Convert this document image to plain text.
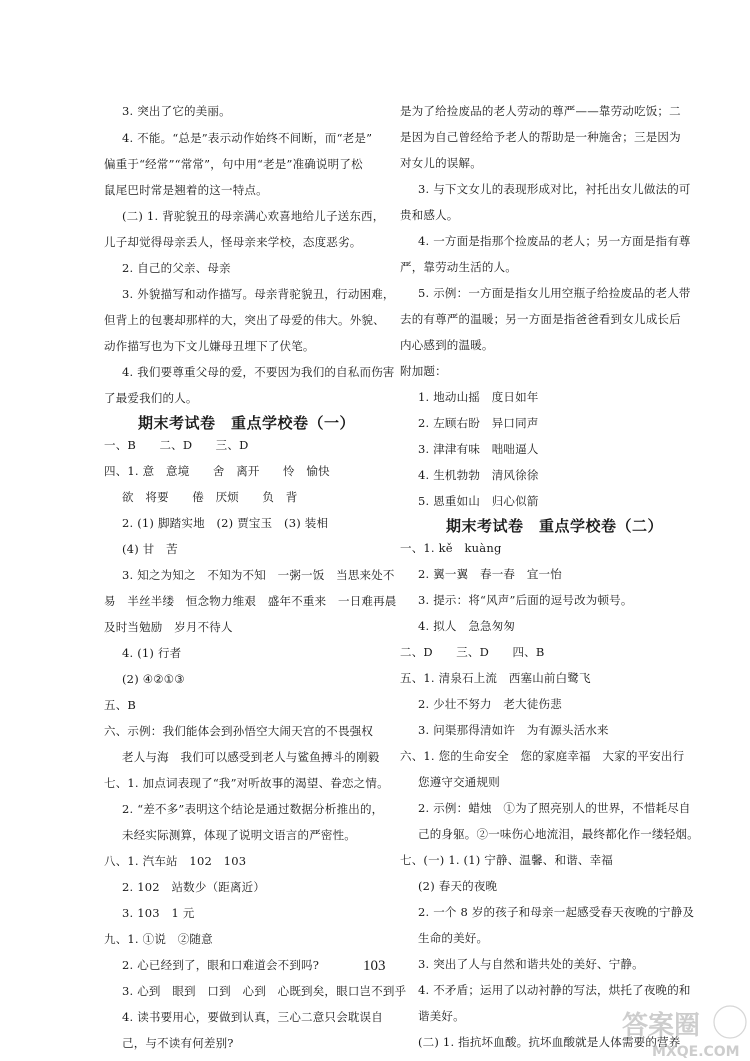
3. 突出了它的美丽。
4. 不能。“总是”表示动作始终不间断，而“老是”
偏重于“经常”“常常”，句中用“老是”准确说明了松
鼠尾巴时常是翘着的这一特点。
(二) 1. 背驼貌丑的母亲满心欢喜地给儿子送东西，
儿子却觉得母亲丢人，怪母亲来学校，态度恶劣。
2. 自己的父亲、母亲
3. 外貌描写和动作描写。母亲背驼貌丑，行动困难，
但背上的包裹却那样的大，突出了母爱的伟大。外貌、
动作描写也为下文儿嫌母丑埋下了伏笔。
4. 我们要尊重父母的爱，不要因为我们的自私而伤害
了最爱我们的人。
一、B　　二、D　　三、D
四、1. 意　意境　　舍　离开　　怜　愉快
欲　将要　　倦　厌烦　　负　背
2. (1) 脚踏实地　(2) 贾宝玉　(3) 装相
(4) 甘　苦
3. 知之为知之　不知为不知　一粥一饭　当思来处不
易　半丝半缕　恒念物力维艰　盛年不重来　一日难再晨
及时当勉励　岁月不待人
4. (1) 行者
(2) ④②①③
五、B
六、示例：我们能体会到孙悟空大闹天宫的不畏强权
老人与海　我们可以感受到老人与鲨鱼搏斗的刚毅
七、1. 加点词表现了“我”对听故事的渴望、眷恋之情。
2. “差不多”表明这个结论是通过数据分析推出的，
未经实际测算，体现了说明文语言的严密性。
八、1. 汽车站　102　103
2. 102　站数少（距离近）
3. 103　1 元
九、1. ①说　②随意
2. 心已经到了，眼和口难道会不到吗?
3. 心到　眼到　口到　心到　心既到矣，眼口岂不到乎
4. 读书要用心，要做到认真，三心二意只会耽误自
己，与不读有何差别?
期末考试卷　重点学校卷（一）
是为了给捡废品的老人劳动的尊严——靠劳动吃饭；二
是因为自己曾经给予老人的帮助是一种施舍；三是因为
对女儿的误解。
3. 与下文女儿的表现形成对比，衬托出女儿做法的可
贵和感人。
4. 一方面是指那个捡废品的老人；另一方面是指有尊
严，靠劳动生活的人。
5. 示例：一方面是指女儿用空瓶子给捡废品的老人带
去的有尊严的温暖；另一方面是指爸爸看到女儿成长后
内心感到的温暖。
附加题：
1. 地动山摇　度日如年
2. 左顾右盼　异口同声
3. 津津有味　咄咄逼人
4. 生机勃勃　清风徐徐
5. 恩重如山　归心似箭
一、1. kě　kuàng
2. 翼一翼　春一春　宜一怡
3. 提示：将“风声”后面的逗号改为顿号。
4. 拟人　急急匆匆
二、D　　三、D　　四、B
五、1. 清泉石上流　西塞山前白鹭飞
2. 少壮不努力　老大徒伤悲
3. 问渠那得清如许　为有源头活水来
六、1. 您的生命安全　您的家庭幸福　大家的平安出行
您遵守交通规则
2. 示例：蜡烛　①为了照亮别人的世界，不惜耗尽自
己的身躯。②一味伤心地流泪，最终都化作一缕轻烟。
七、(一) 1. (1) 宁静、温馨、和谐、幸福
(2) 春天的夜晚
2. 一个 8 岁的孩子和母亲一起感受春天夜晚的宁静及
生命的美好。
3. 突出了人与自然和谐共处的美好、宁静。
4. 不矛盾；运用了以动衬静的写法，烘托了夜晚的和
谐美好。
(二) 1. 指抗坏血酸。抗坏血酸就是人体需要的营养
期末考试卷　重点学校卷（二）
103
答案圈
MXQE.COM
